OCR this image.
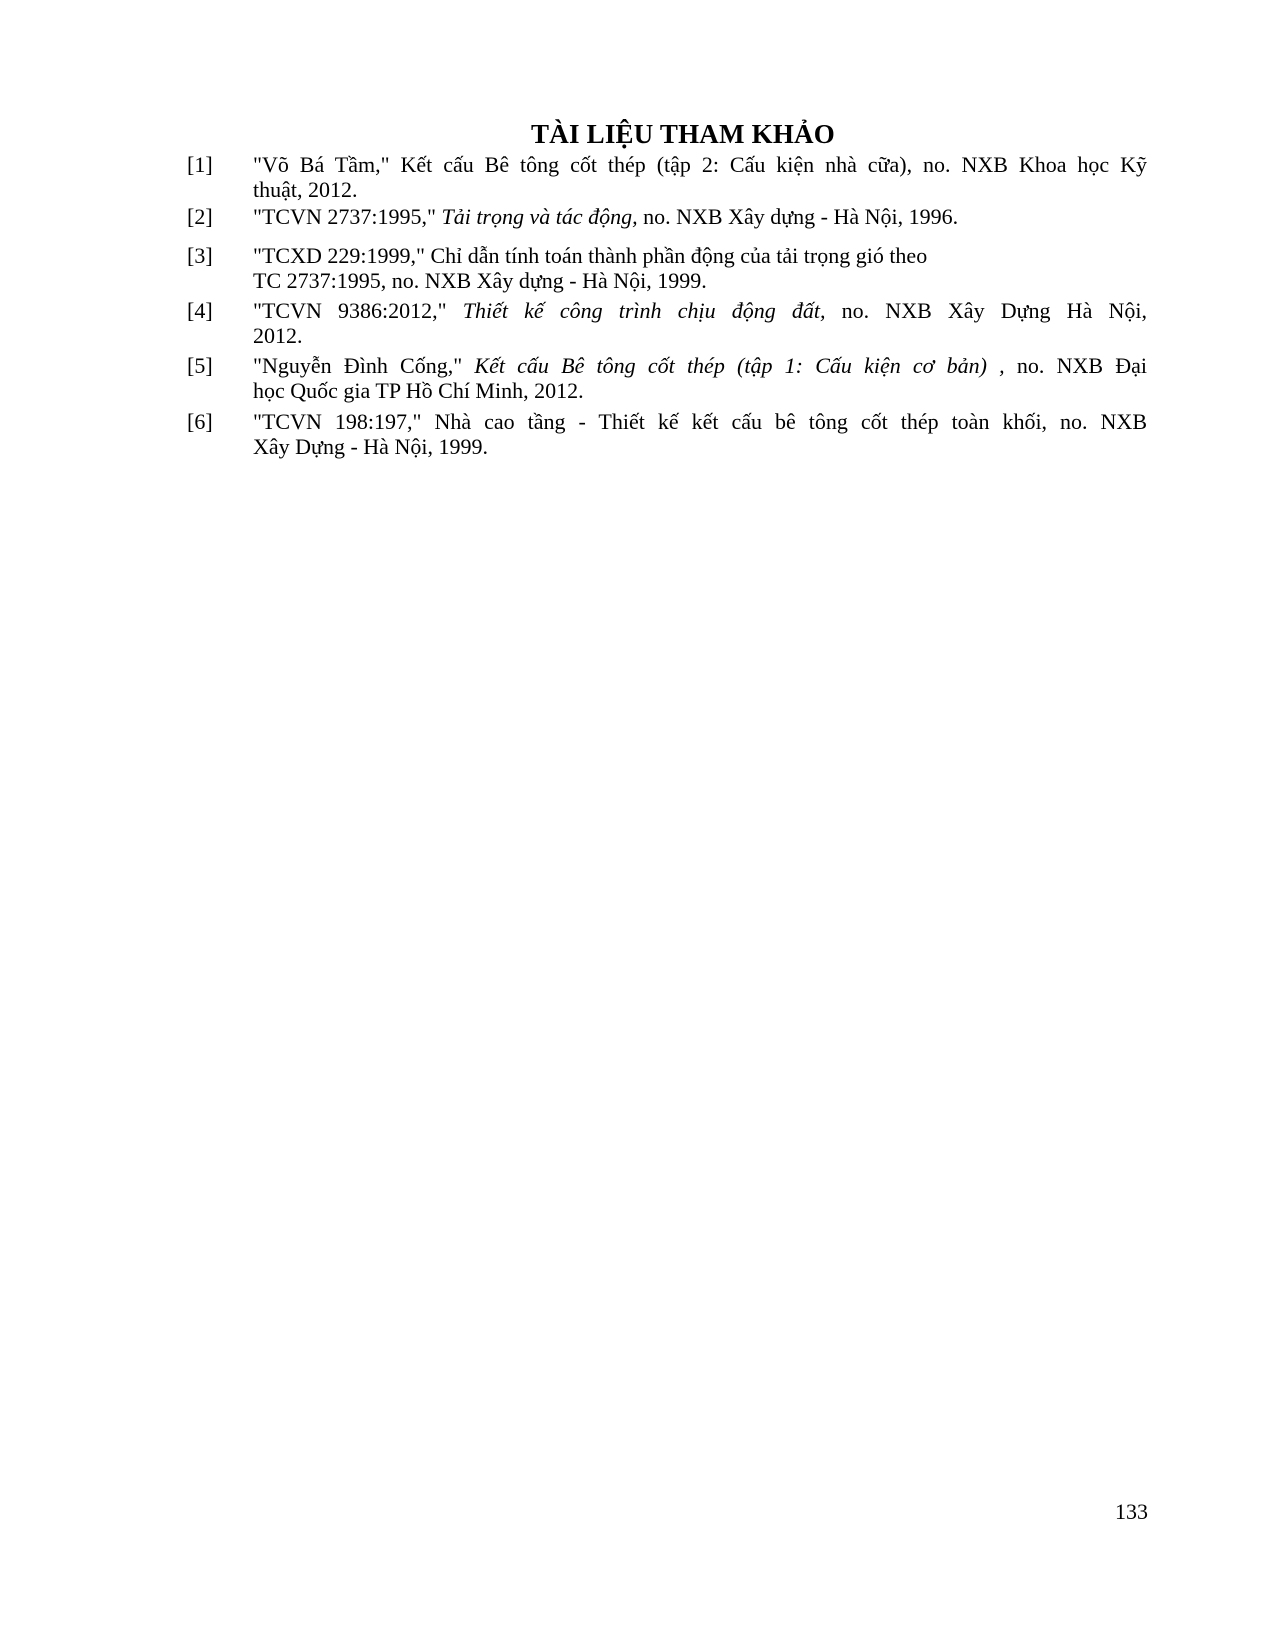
TÀI LIỆU THAM KHẢO
[1] "Võ Bá Tầm," Kết cấu Bê tông cốt thép (tập 2: Cấu kiện nhà cữa), no. NXB Khoa học Kỹ
thuật, 2012.
[2] "TCVN 2737:1995," Tải trọng và tác động, no. NXB Xây dựng - Hà Nội, 1996.
[3] "TCXD 229:1999," Chỉ dẫn tính toán thành phần động của tải trọng gió theo
TC 2737:1995, no. NXB Xây dựng - Hà Nội, 1999.
[4] "TCVN 9386:2012," Thiết kế công trình chịu động đất, no. NXB Xây Dựng Hà Nội,
2012.
[5] "Nguyễn Đình Cống," Kết cấu Bê tông cốt thép (tập 1: Cấu kiện cơ bản) , no. NXB Đại
học Quốc gia TP Hồ Chí Minh, 2012.
[6] "TCVN 198:197," Nhà cao tầng - Thiết kế kết cấu bê tông cốt thép toàn khối, no. NXB
Xây Dựng - Hà Nội, 1999.
133
